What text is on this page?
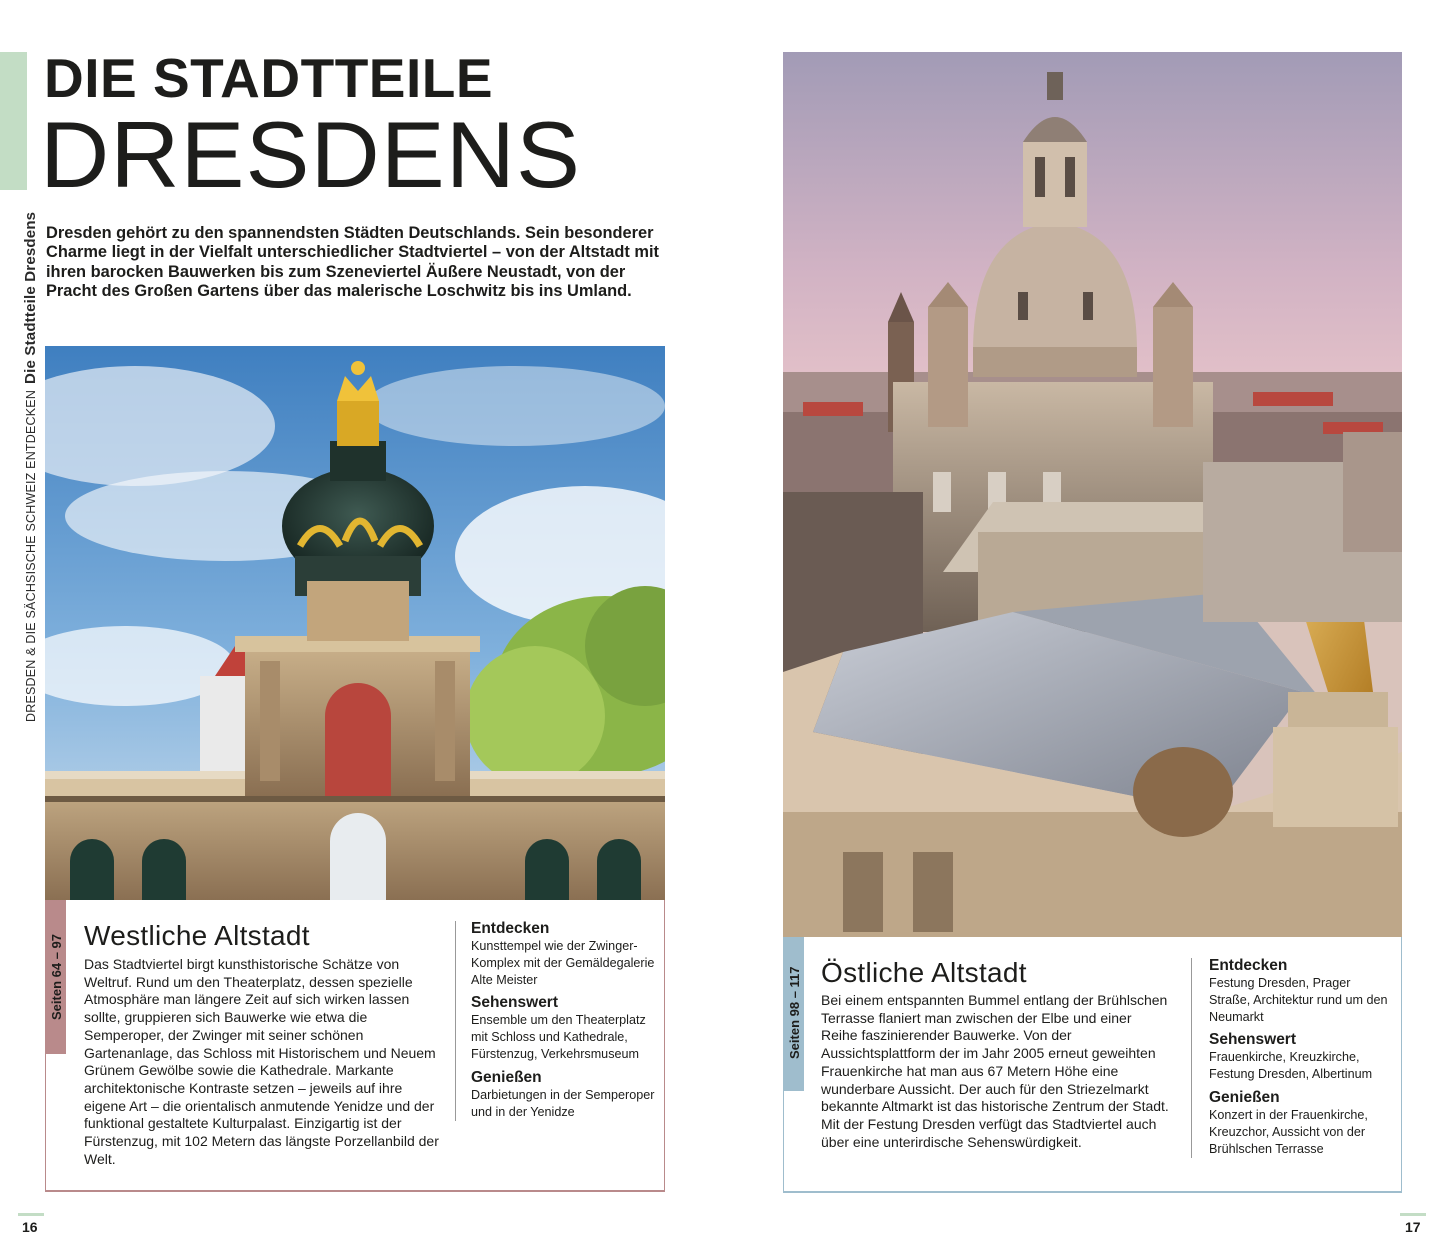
DRESDEN & DIE SÄCHSISCHE SCHWEIZ ENTDECKENDie Stadtteile Dresdens
DIE STADTTEILE
DRESDENS

Dresden gehört zu den spannendsten Städten Deutschlands. Sein besonderer Charme liegt in der Vielfalt unterschiedlicher Stadtviertel – von der Altstadt mit ihren barocken Bauwerken bis zum Szeneviertel Äußere Neustadt, von der Pracht des Großen Gartens über das malerische Loschwitz bis ins Umland.

Seiten 64 – 97 Westliche Altstadt

Das Stadtviertel birgt kunsthistorische Schätze von Weltruf. Rund um den Theaterplatz, dessen spezielle Atmosphäre man längere Zeit auf sich wirken lassen sollte, gruppieren sich Bauwerke wie etwa die Semperoper, der Zwinger mit seiner schönen Gartenanlage, das Schloss mit Historischem und Neuem Grünem Gewölbe sowie die Kathedrale. Markante architektonische Kontraste setzen – jeweils auf ihre eigene Art – die orientalisch anmutende Yenidze und der funktional gestaltete Kulturpalast. Einzigartig ist der Fürstenzug, mit 102 Metern das längste Porzellanbild der Welt.

Entdecken
Kunsttempel wie der Zwinger-Komplex mit der Gemäldegalerie Alte Meister
Sehenswert
Ensemble um den Theaterplatz mit Schloss und Kathedrale, Fürstenzug, Verkehrsmuseum
Genießen
Darbietungen in der Semperoper und in der Yenidze
Seiten 98 – 117 Östliche Altstadt

Bei einem entspannten Bummel entlang der Brühlschen Terrasse flaniert man zwischen der Elbe und einer Reihe faszinierender Bauwerke. Von der Aussichtsplattform der im Jahr 2005 erneut geweihten Frauenkirche hat man aus 67 Metern Höhe eine wunderbare Aussicht. Der auch für den Striezelmarkt bekannte Altmarkt ist das historische Zentrum der Stadt. Mit der Festung Dresden verfügt das Stadtviertel auch über eine unterirdische Sehenswürdigkeit.

Entdecken
Festung Dresden, Prager Straße, Architektur rund um den Neumarkt
Sehenswert
Frauenkirche, Kreuzkirche, Festung Dresden, Albertinum
Genießen
Konzert in der Frauenkirche, Kreuzchor, Aussicht von der Brühlschen Terrasse
16	17
